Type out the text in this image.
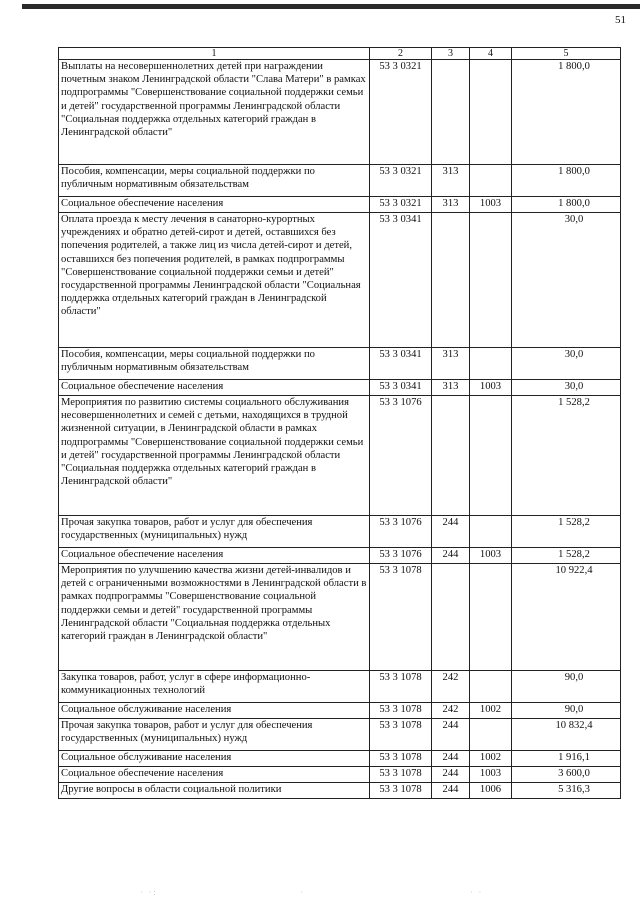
51
1	2	3	4	5
Выплаты на несовершеннолетних детей при награждении почетным знаком Ленинградской области "Слава Матери" в рамках подпрограммы "Совершенствование социальной поддержки семьи и детей" государственной программы Ленинградской области "Социальная поддержка отдельных категорий граждан в Ленинградской области"	53 3 0321			1 800,0
Пособия, компенсации, меры социальной поддержки по публичным нормативным обязательствам	53 3 0321	313		1 800,0
Социальное обеспечение населения	53 3 0321	313	1003	1 800,0
Оплата проезда к месту лечения в санаторно-курортных учреждениях и обратно детей-сирот и детей, оставшихся без попечения родителей, а также лиц из числа детей-сирот и детей, оставшихся без попечения родителей, в рамках подпрограммы "Совершенствование социальной поддержки семьи и детей" государственной программы Ленинградской области "Социальная поддержка отдельных категорий граждан в Ленинградской области"	53 3 0341			30,0
Пособия, компенсации, меры социальной поддержки по публичным нормативным обязательствам	53 3 0341	313		30,0
Социальное обеспечение населения	53 3 0341	313	1003	30,0
Мероприятия по развитию системы социального обслуживания несовершеннолетних и семей с детьми, находящихся в трудной жизненной ситуации, в Ленинградской области в рамках подпрограммы "Совершенствование социальной поддержки семьи и детей" государственной программы Ленинградской области "Социальная поддержка отдельных категорий граждан в Ленинградской области"	53 3 1076			1 528,2
Прочая закупка товаров, работ и услуг для обеспечения государственных (муниципальных) нужд	53 3 1076	244		1 528,2
Социальное обеспечение населения	53 3 1076	244	1003	1 528,2
Мероприятия по улучшению качества жизни детей-инвалидов и детей с ограниченными возможностями в Ленинградской области в рамках подпрограммы "Совершенствование социальной поддержки семьи и детей" государственной программы Ленинградской области "Социальная поддержка отдельных категорий граждан в Ленинградской области"	53 3 1078			10 922,4
Закупка товаров, работ, услуг в сфере информационно-коммуникационных технологий	53 3 1078	242		90,0
Социальное обслуживание населения	53 3 1078	242	1002	90,0
Прочая закупка товаров, работ и услуг для обеспечения государственных (муниципальных) нужд	53 3 1078	244		10 832,4
Социальное обслуживание населения	53 3 1078	244	1002	1 916,1
Социальное обеспечение населения	53 3 1078	244	1003	3 600,0
Другие вопросы в области социальной политики	53 3 1078	244	1006	5 316,3
· ·:	·	· ·
